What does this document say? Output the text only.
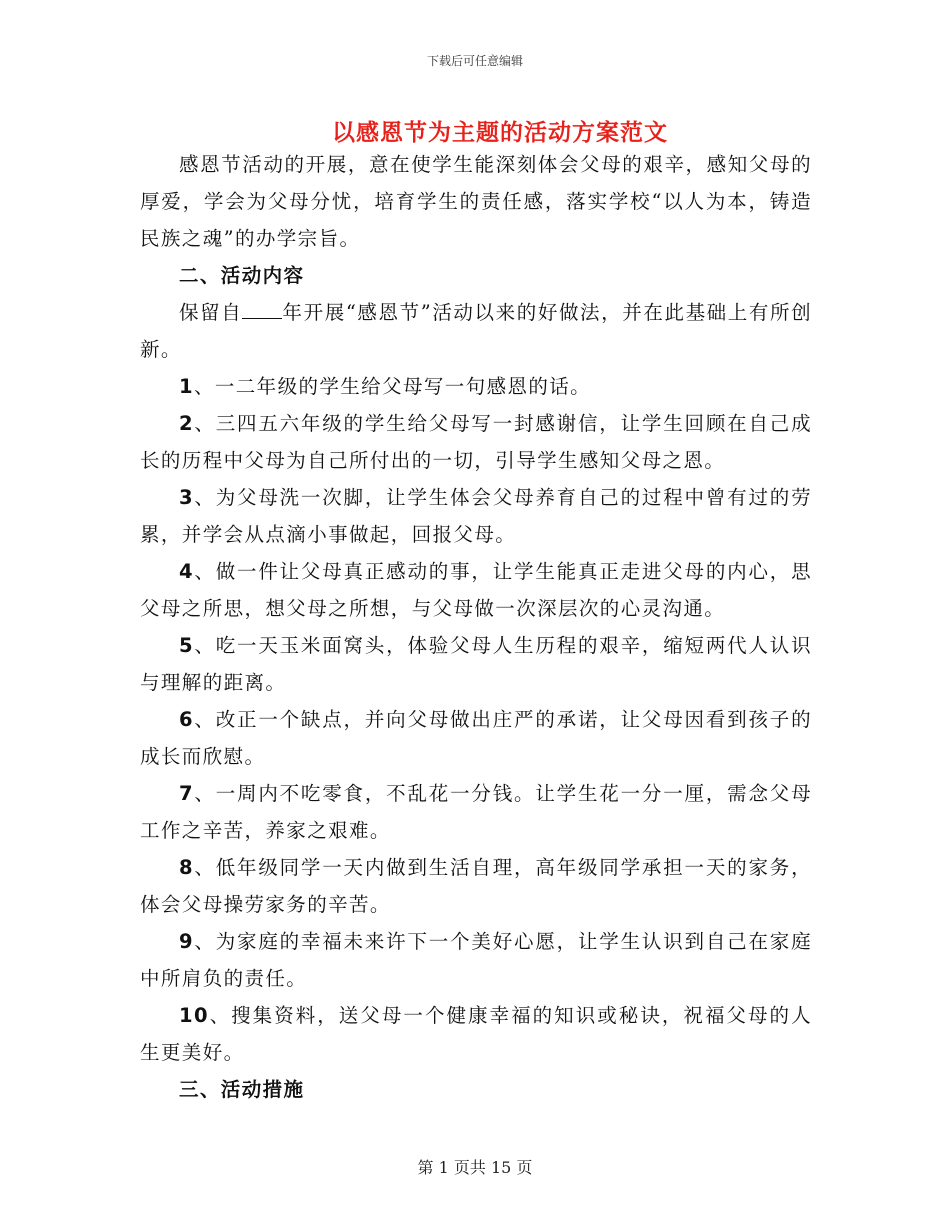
下载后可任意编辑
以感恩节为主题的活动方案范文

感恩节活动的开展，意在使学生能深刻体会父母的艰辛，感知父母的厚爱，学会为父母分忧，培育学生的责任感，落实学校“以人为本，铸造民族之魂”的办学宗旨。

二、活动内容

保留自 年开展“感恩节”活动以来的好做法，并在此基础上有所创新。

1、一二年级的学生给父母写一句感恩的话。

2、三四五六年级的学生给父母写一封感谢信，让学生回顾在自己成长的历程中父母为自己所付出的一切，引导学生感知父母之恩。

3、为父母洗一次脚，让学生体会父母养育自己的过程中曾有过的劳累，并学会从点滴小事做起，回报父母。

4、做一件让父母真正感动的事，让学生能真正走进父母的内心，思父母之所思，想父母之所想，与父母做一次深层次的心灵沟通。

5、吃一天玉米面窝头，体验父母人生历程的艰辛，缩短两代人认识与理解的距离。

6、改正一个缺点，并向父母做出庄严的承诺，让父母因看到孩子的成长而欣慰。

7、一周内不吃零食，不乱花一分钱。让学生花一分一厘，需念父母工作之辛苦，养家之艰难。

8、低年级同学一天内做到生活自理，高年级同学承担一天的家务，体会父母操劳家务的辛苦。

9、为家庭的幸福未来许下一个美好心愿，让学生认识到自己在家庭中所肩负的责任。

10、搜集资料，送父母一个健康幸福的知识或秘诀，祝福父母的人生更美好。

三、活动措施

第 1 页共 15 页
